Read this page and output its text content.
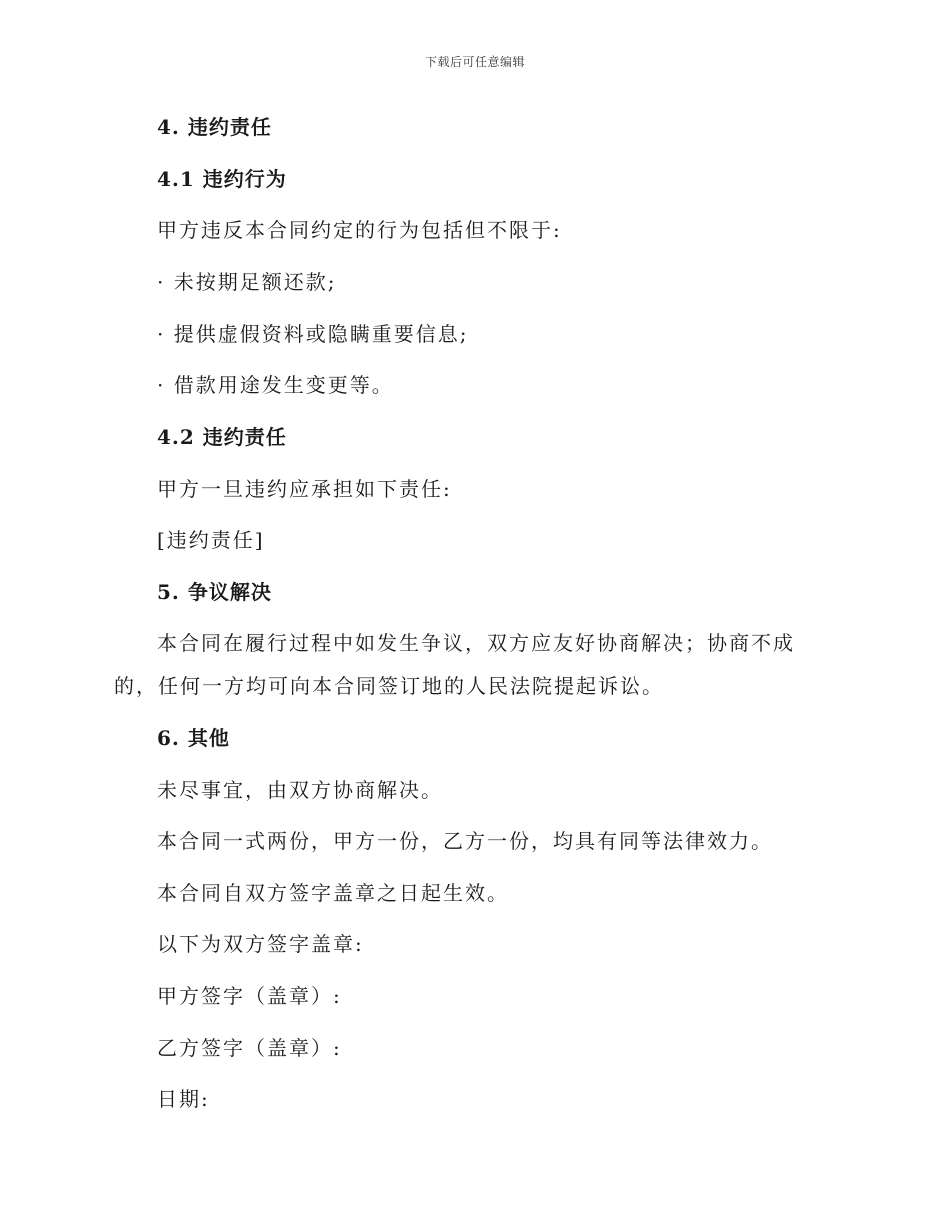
下载后可任意编辑
4. 违约责任
4.1 违约行为
甲方违反本合同约定的行为包括但不限于:
· 未按期足额还款;
· 提供虚假资料或隐瞒重要信息;
· 借款用途发生变更等。
4.2 违约责任
甲方一旦违约应承担如下责任:
[违约责任]
5. 争议解决

本合同在履行过程中如发生争议，双方应友好协商解决；协商不成的，任何一方均可向本合同签订地的人民法院提起诉讼。

6. 其他
未尽事宜，由双方协商解决。
本合同一式两份，甲方一份，乙方一份，均具有同等法律效力。
本合同自双方签字盖章之日起生效。
以下为双方签字盖章:
甲方签字（盖章）:
乙方签字（盖章）:
日期:
